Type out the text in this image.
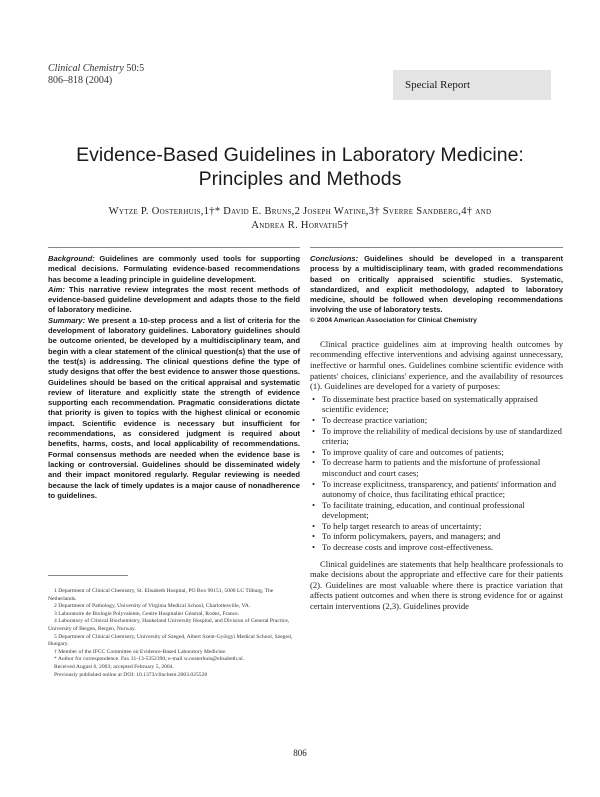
Clinical Chemistry 50:5
806–818 (2004)	Special Report
Evidence-Based Guidelines in Laboratory Medicine:
Principles and Methods
Wytze P. Oosterhuis,1†* David E. Bruns,2 Joseph Watine,3† Sverre Sandberg,4† and
Andrea R. Horvath5†

Background: Guidelines are commonly used tools for supporting medical decisions. Formulating evidence-based recommendations has become a leading principle in guideline development.

Aim: This narrative review integrates the most recent methods of evidence-based guideline development and adapts those to the field of laboratory medicine.

Summary: We present a 10-step process and a list of criteria for the development of laboratory guidelines. Laboratory guidelines should be outcome oriented, be developed by a multidisciplinary team, and begin with a clear statement of the clinical question(s) that the use of the test(s) is addressing. The clinical questions define the type of study designs that offer the best evidence to answer those questions. Guidelines should be based on the critical appraisal and systematic review of literature and explicitly state the strength of evidence supporting each recommendation. Pragmatic considerations dictate that priority is given to topics with the highest clinical or economic impact. Scientific evidence is necessary but insufficient for recommendations, as considered judgment is required about benefits, harms, costs, and local applicability of recommendations. Formal consensus methods are needed when the evidence base is lacking or controversial. Guidelines should be disseminated widely and their impact monitored regularly. Regular reviewing is needed because the lack of timely updates is a major cause of nonadherence to guidelines.

Conclusions: Guidelines should be developed in a transparent process by a multidisciplinary team, with graded recommendations based on critically appraised scientific studies. Systematic, standardized, and explicit methodology, adapted to laboratory medicine, should be followed when developing recommendations involving the use of laboratory tests.

© 2004 American Association for Clinical Chemistry

Clinical practice guidelines aim at improving health outcomes by recommending effective interventions and advising against unnecessary, ineffective or harmful ones. Guidelines combine scientific evidence with patients' choices, clinicians' experience, and the availability of resources (1). Guidelines are developed for a variety of purposes:

• To disseminate best practice based on systematically appraised scientific evidence;
• To decrease practice variation;
• To improve the reliability of medical decisions by use of standardized criteria;
• To improve quality of care and outcomes of patients;
• To decrease harm to patients and the misfortune of professional misconduct and court cases;
• To increase explicitness, transparency, and patients' information and autonomy of choice, thus facilitating ethical practice;
• To facilitate training, education, and continual professional development;
• To help target research to areas of uncertainty;
• To inform policymakers, payers, and managers; and
• To decrease costs and improve cost-effectiveness.

Clinical guidelines are statements that help healthcare professionals to make decisions about the appropriate and effective care for their patients (2). Guidelines are most valuable where there is practice variation that affects patient outcomes and when there is strong evidence for or against certain interventions (2,3). Guidelines provide

1 Department of Clinical Chemistry, St. Elisabeth Hospital, PO Box 90151, 5000 LC Tilburg, The Netherlands.

2 Department of Pathology, University of Virginia Medical School, Charlottesville, VA.

3 Laboratoire de Biologie Polyvalente, Centre Hospitalier Général, Rodez, France.

4 Laboratory of Clinical Biochemistry, Haukeland University Hospital, and Division of General Practice, University of Bergen, Bergen, Norway.

5 Department of Clinical Chemistry, University of Szeged, Albert Szent-Györgyi Medical School, Szeged, Hungary.

† Member of the IFCC Committee on Evidence-Based Laboratory Medicine.

* Author for correspondence. Fax 31-13-5352390; e-mail w.oosterhuis@elisabeth.nl.

Received August 6, 2003; accepted February 5, 2004.

Previously published online at DOI: 10.1373/clinchem.2003.025528

806
